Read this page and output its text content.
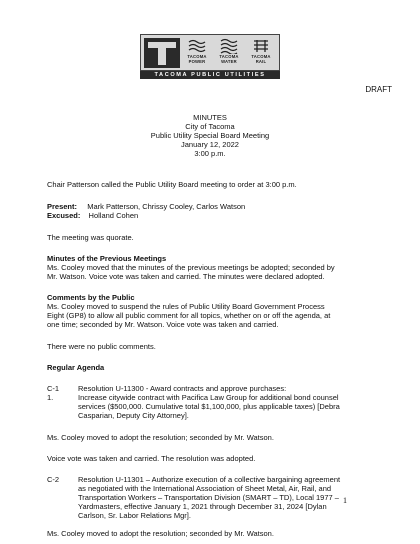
TACOMA
POWER
TACOMA
WATER
TACOMA
RAIL
TACOMA PUBLIC UTILITIES
DRAFT
MINUTES
City of Tacoma
Public Utility Special Board Meeting
January 12, 2022
3:00 p.m.
Chair Patterson called the Public Utility Board meeting to order at 3:00 p.m.
Present: Mark Patterson, Chrissy Cooley, Carlos Watson
Excused: Holland Cohen
The meeting was quorate.
Minutes of the Previous Meetings
Ms. Cooley moved that the minutes of the previous meetings be adopted; seconded by
Mr. Watson. Voice vote was taken and carried. The minutes were declared adopted.
Comments by the Public
Ms. Cooley moved to suspend the rules of Public Utility Board Government Process
Eight (GP8) to allow all public comment for all topics, whether on or off the agenda, at
one time; seconded by Mr. Watson. Voice vote was taken and carried.
There were no public comments.
Regular Agenda
C-1	Resolution U-11300 - Award contracts and approve purchases:
1.	Increase citywide contract with Pacifica Law Group for additional bond counsel
services ($500,000. Cumulative total $1,100,000, plus applicable taxes) [Debra
Casparian, Deputy City Attorney].
Ms. Cooley moved to adopt the resolution; seconded by Mr. Watson.
Voice vote was taken and carried. The resolution was adopted.
C-2	Resolution U-11301 – Authorize execution of a collective bargaining agreement
as negotiated with the International Association of Sheet Metal, Air, Rail, and
Transportation Workers – Transportation Division (SMART – TD), Local 1977 –
Yardmasters, effective January 1, 2021 through December 31, 2024 [Dylan
Carlson, Sr. Labor Relations Mgr].
Ms. Cooley moved to adopt the resolution; seconded by Mr. Watson.
1
